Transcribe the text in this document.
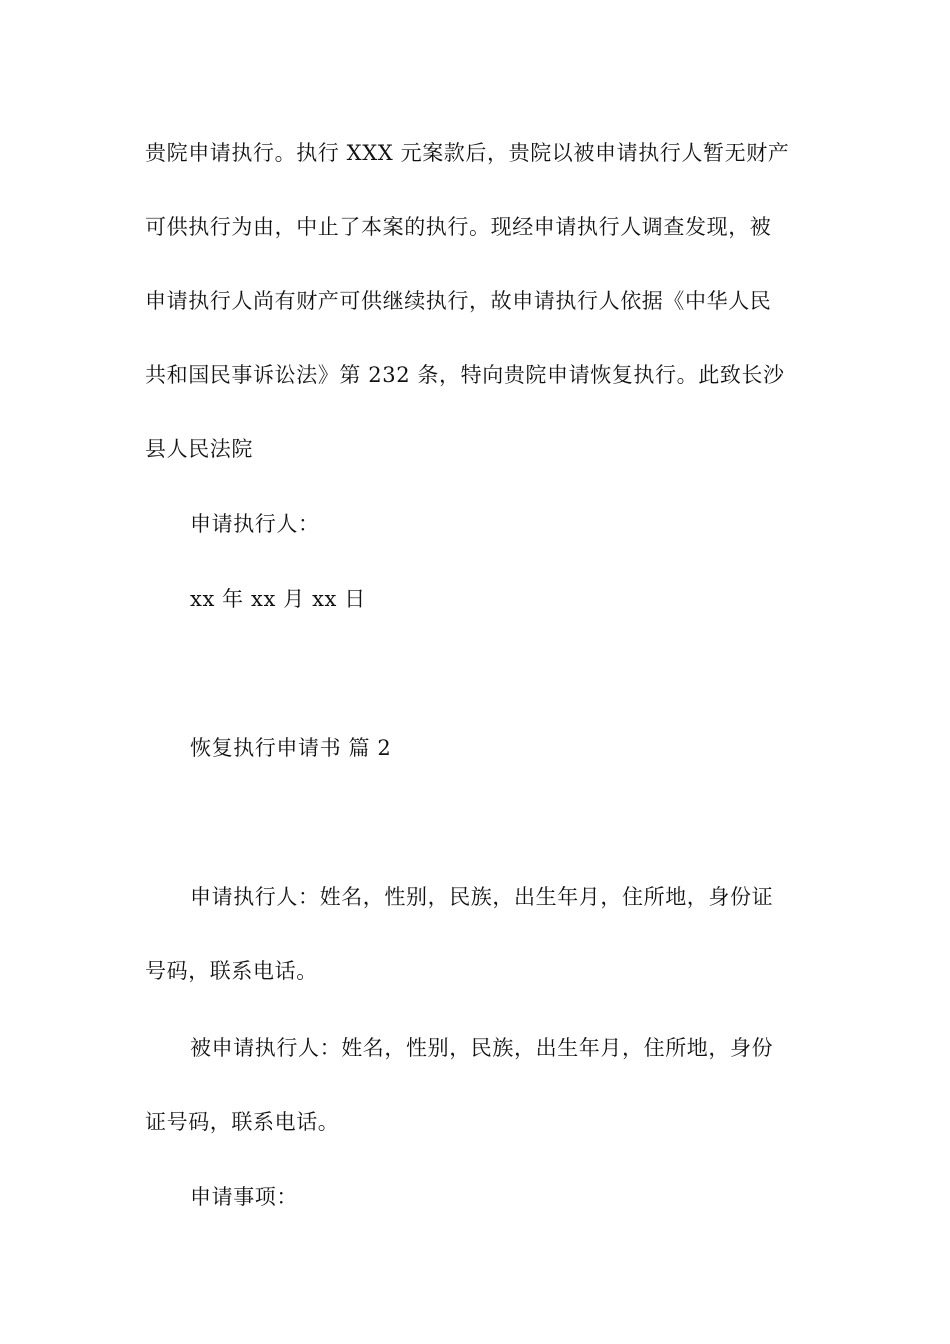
贵院申请执行。执行 XXX 元案款后，贵院以被申请执行人暂无财产
可供执行为由，中止了本案的执行。现经申请执行人调查发现，被
申请执行人尚有财产可供继续执行，故申请执行人依据《中华人民
共和国民事诉讼法》第 232 条，特向贵院申请恢复执行。此致长沙
县人民法院
申请执行人：
xx 年 xx 月 xx 日
恢复执行申请书 篇 2
申请执行人：姓名，性别，民族，出生年月，住所地，身份证
号码，联系电话。
被申请执行人：姓名，性别，民族，出生年月，住所地，身份
证号码，联系电话。
申请事项：
